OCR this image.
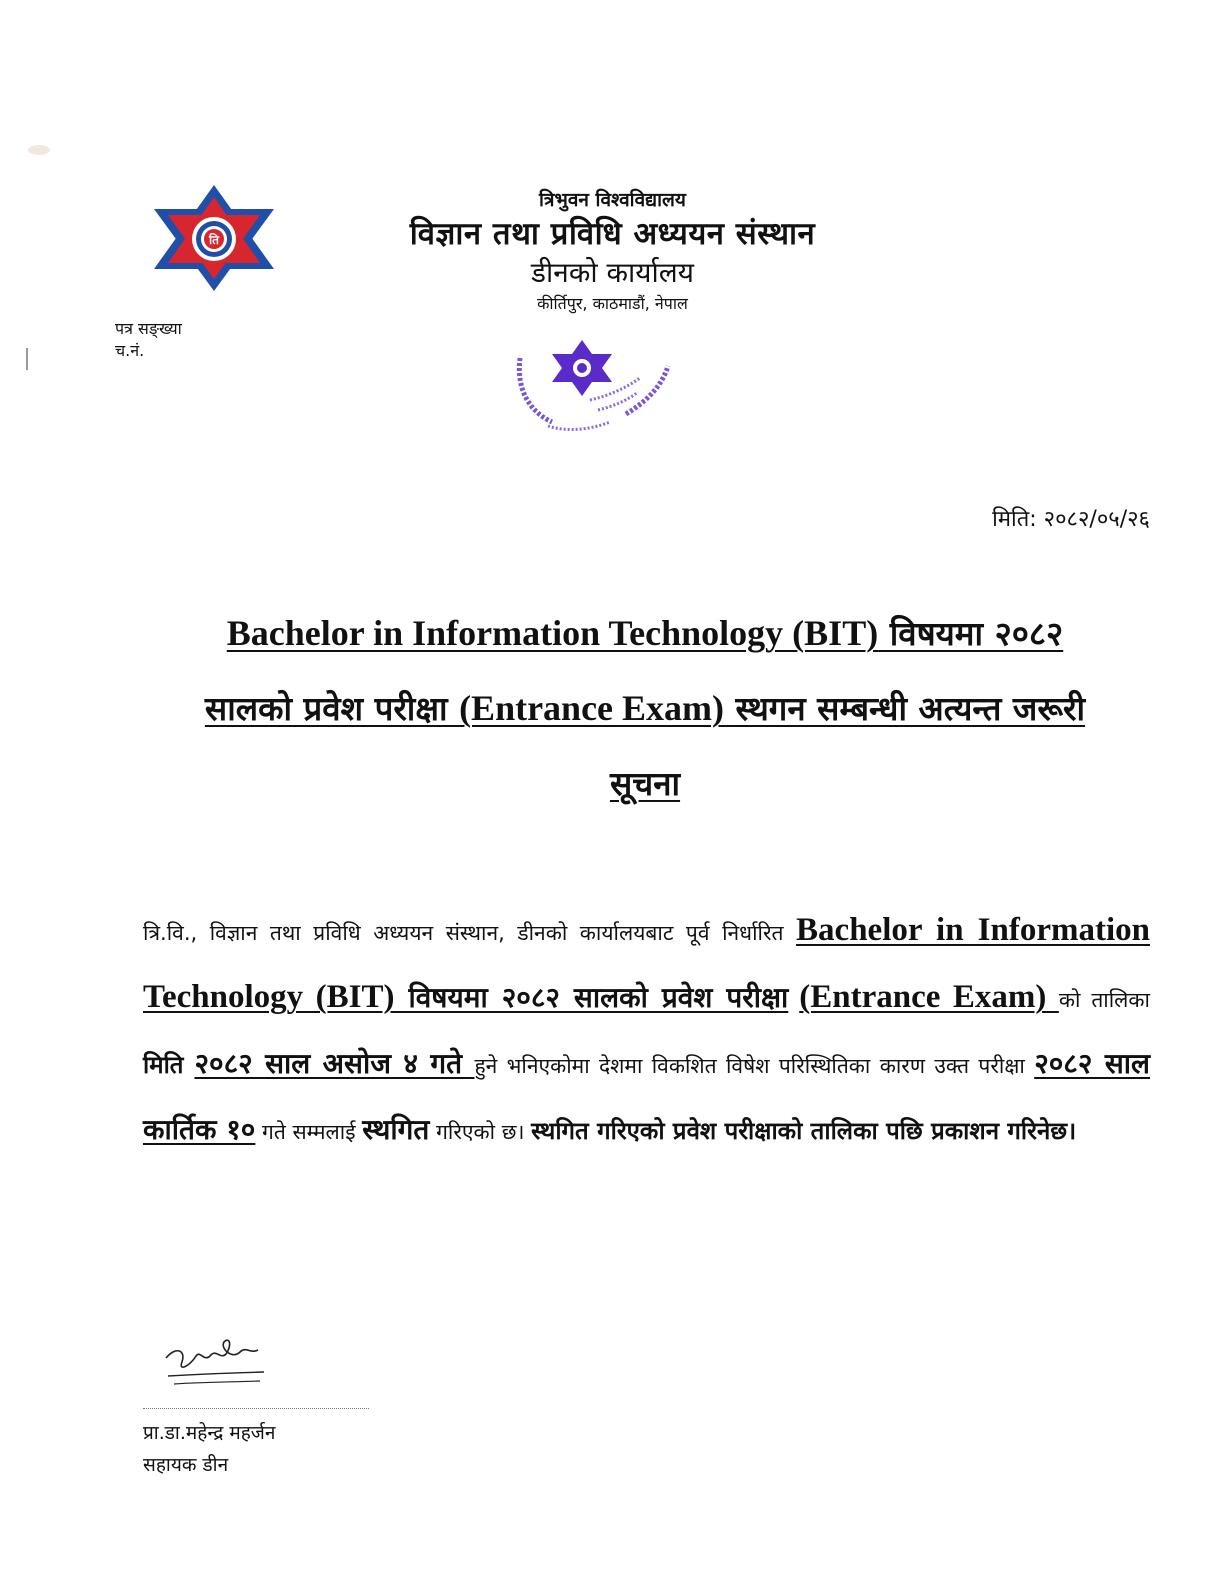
ति
त्रिभुवन विश्वविद्यालय
विज्ञान तथा प्रविधि अध्ययन संस्थान
डीनको कार्यालय
कीर्तिपुर, काठमाडौं, नेपाल
पत्र सङ्ख्या
च.नं.
मिति: २०८२/०५/२६
Bachelor in Information Technology (BIT) विषयमा २०८२
सालको प्रवेश परीक्षा (Entrance Exam) स्थगन सम्बन्धी अत्यन्त जरूरी
सूचना
त्रि.वि., विज्ञान तथा प्रविधि अध्ययन संस्थान, डीनको कार्यालयबाट पूर्व निर्धारित Bachelor in Information Technology (BIT) विषयमा २०८२ सालको प्रवेश परीक्षा (Entrance Exam) को तालिका मिति २०८२ साल असोज ४ गते हुने भनिएकोमा देशमा विकशित विषेश परिस्थितिका कारण उक्त परीक्षा २०८२ साल कार्तिक १० गते सम्मलाई स्थगित गरिएको छ। स्थगित गरिएको प्रवेश परीक्षाको तालिका पछि प्रकाशन गरिनेछ।
प्रा.डा.महेन्द्र महर्जन
सहायक डीन
